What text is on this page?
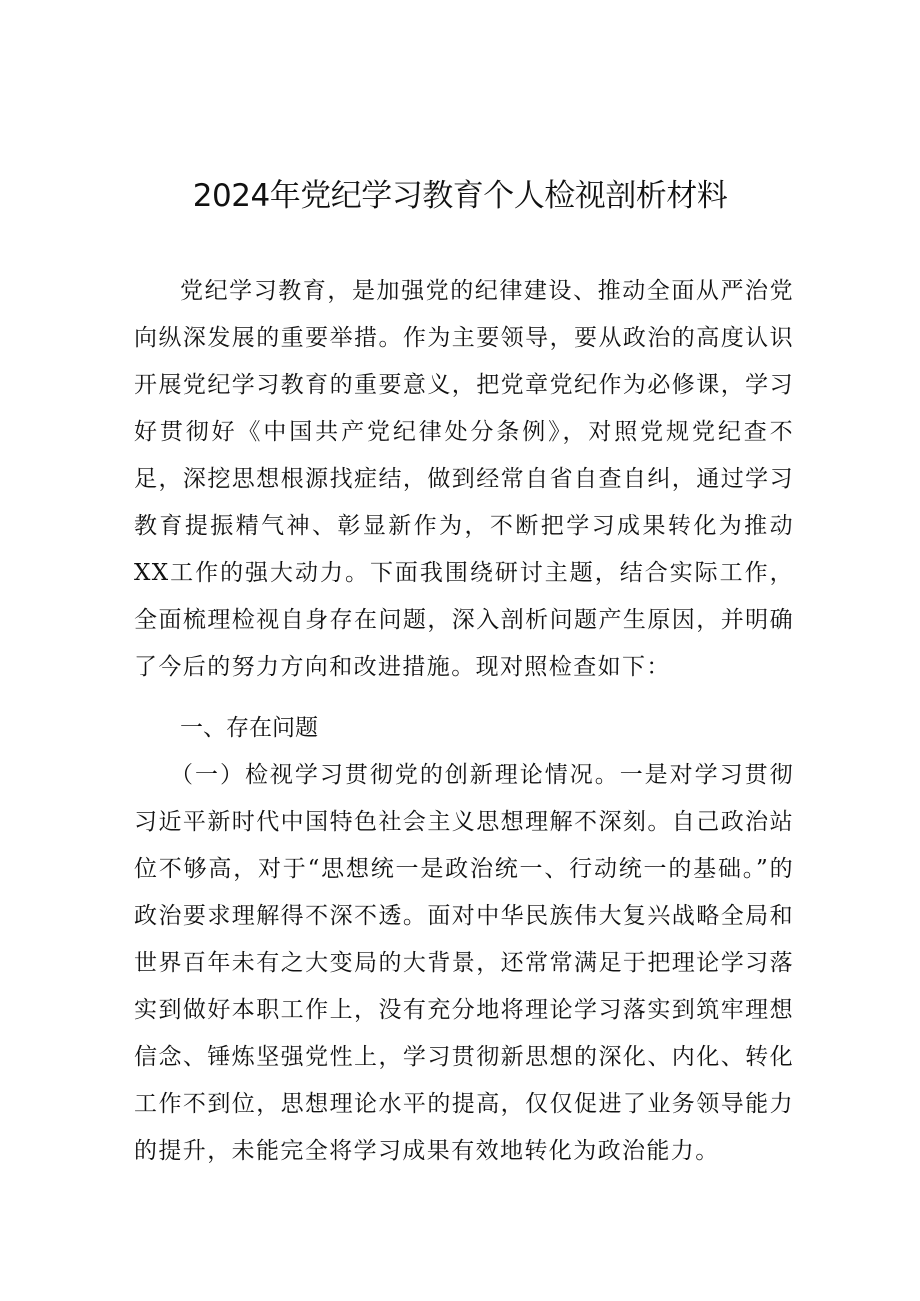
2024年党纪学习教育个人检视剖析材料

党纪学习教育，是加强党的纪律建设、推动全面从严治党向纵深发展的重要举措。作为主要领导，要从政治的高度认识开展党纪学习教育的重要意义，把党章党纪作为必修课，学习好贯彻好《中国共产党纪律处分条例》，对照党规党纪查不足，深挖思想根源找症结，做到经常自省自查自纠，通过学习教育提振精气神、彰显新作为，不断把学习成果转化为推动XX工作的强大动力。下面我围绕研讨主题，结合实际工作，全面梳理检视自身存在问题，深入剖析问题产生原因，并明确了今后的努力方向和改进措施。现对照检查如下：

一、存在问题

（一）检视学习贯彻党的创新理论情况。一是对学习贯彻习近平新时代中国特色社会主义思想理解不深刻。自己政治站位不够高，对于“思想统一是政治统一、行动统一的基础。”的政治要求理解得不深不透。面对中华民族伟大复兴战略全局和世界百年未有之大变局的大背景，还常常满足于把理论学习落实到做好本职工作上，没有充分地将理论学习落实到筑牢理想信念、锤炼坚强党性上，学习贯彻新思想的深化、内化、转化工作不到位，思想理论水平的提高，仅仅促进了业务领导能力的提升，未能完全将学习成果有效地转化为政治能力。
